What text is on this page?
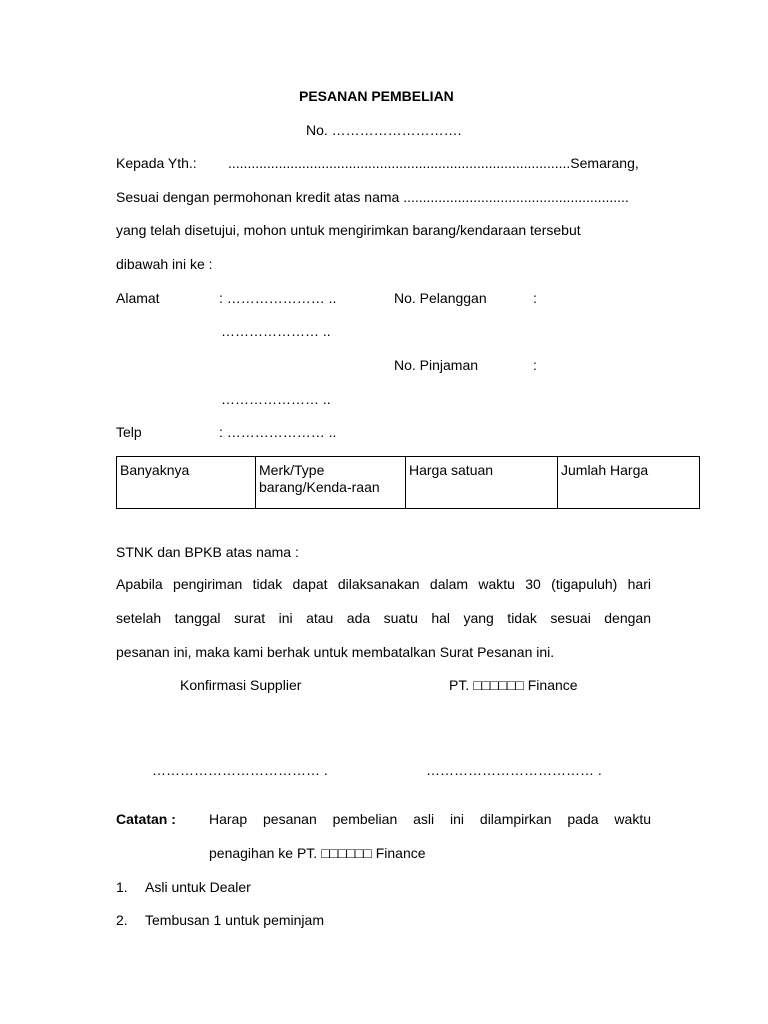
PESANAN PEMBELIAN
No. ……………………….
Kepada Yth.: ........................................................................................Semarang,
Sesuai dengan permohonan kredit atas nama ..........................................................
yang telah disetujui, mohon untuk mengirimkan barang/kendaraan tersebut
dibawah ini ke :
Alamat	: ………………… ..	No. Pelanggan	:
………………… ..
No. Pinjaman	:
………………… ..
Telp	: ………………… ..
Banyaknya	Merk/Type barang/Kenda-raan	Harga satuan	Jumlah Harga
STNK dan BPKB atas nama :
Apabila pengiriman tidak dapat dilaksanakan dalam waktu 30 (tigapuluh) hari
setelah tanggal surat ini atau ada suatu hal yang tidak sesuai dengan
pesanan ini, maka kami berhak untuk membatalkan Surat Pesanan ini.
Konfirmasi Supplier	PT. □□□□□□ Finance
……………………………… .	……………………………… .
Catatan : Harap pesanan pembelian asli ini dilampirkan pada waktu
penagihan ke PT. □□□□□□ Finance
1. Asli untuk Dealer
2. Tembusan 1 untuk peminjam
